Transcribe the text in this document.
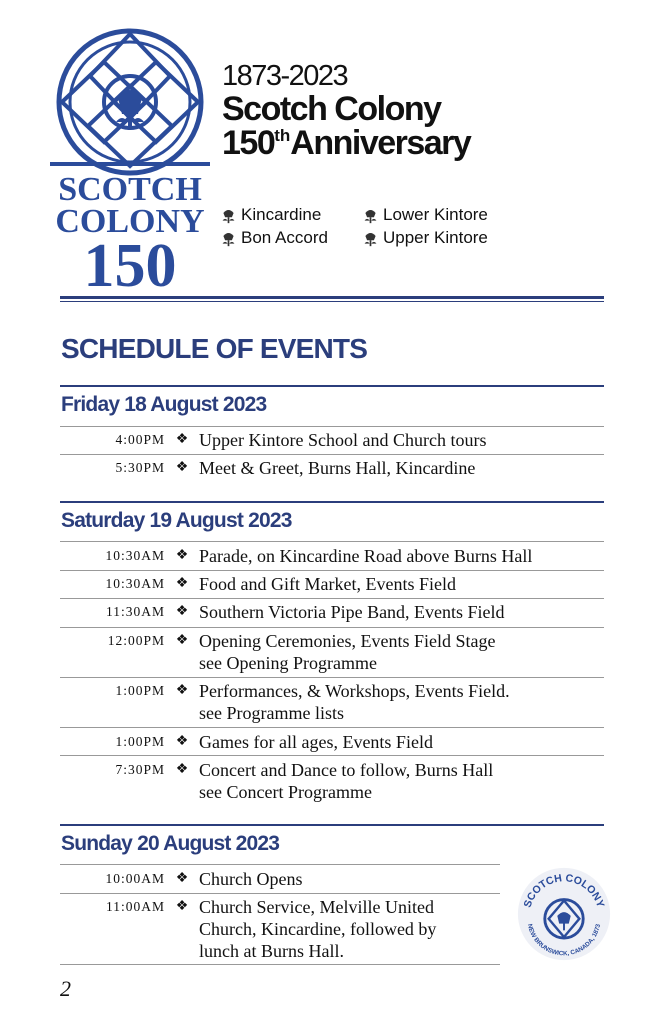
SCOTCH
COLONY
150
1873-2023
Scotch Colony
150thAnniversary
Kincardine	Lower Kintore
Bon Accord	Upper Kintore
SCHEDULE OF EVENTS
Friday 18 August 2023
4:00PM ❖ Upper Kintore School and Church tours
5:30PM ❖ Meet & Greet, Burns Hall, Kincardine
Saturday 19 August 2023
10:30AM ❖ Parade, on Kincardine Road above Burns Hall
10:30AM ❖ Food and Gift Market, Events Field
11:30AM ❖ Southern Victoria Pipe Band, Events Field
12:00PM ❖ Opening Ceremonies, Events Field Stage
see Opening Programme
1:00PM ❖ Performances, & Workshops, Events Field.
see Programme lists
1:00PM ❖ Games for all ages, Events Field
7:30PM ❖ Concert and Dance to follow, Burns Hall
see Concert Programme
Sunday 20 August 2023
10:00AM ❖ Church Opens
11:00AM ❖ Church Service, Melville United
Church, Kincardine, followed by
lunch at Burns Hall.
SCOTCH COLONY
NEW BRUNSWICK, CANADA, 1873
2
